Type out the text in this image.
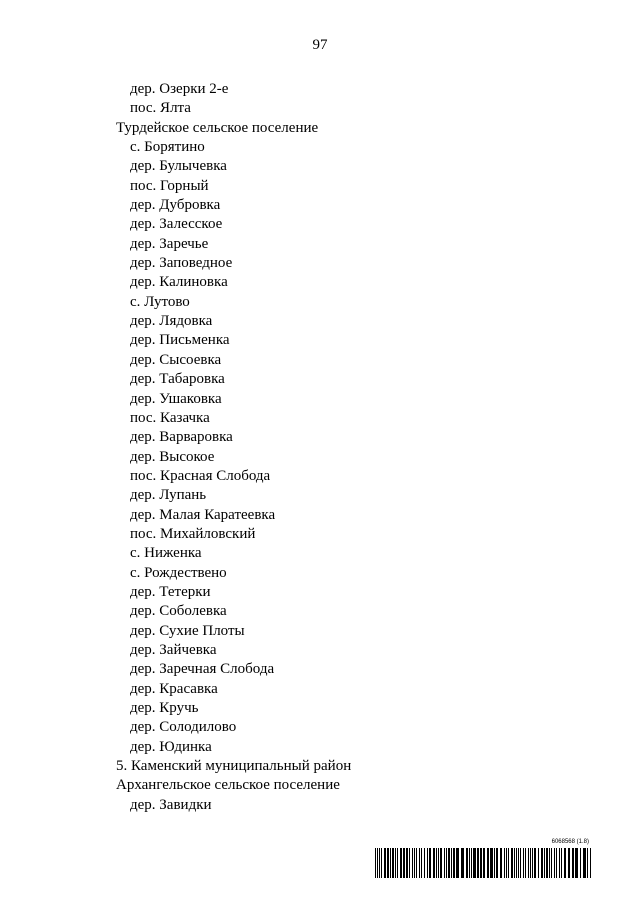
97
дер. Озерки 2-е
пос. Ялта
Турдейское сельское поселение
с. Борятино
дер. Булычевка
пос. Горный
дер. Дубровка
дер. Залесское
дер. Заречье
дер. Заповедное
дер. Калиновка
с. Лутово
дер. Лядовка
дер. Письменка
дер. Сысоевка
дер. Табаровка
дер. Ушаковка
пос. Казачка
дер. Варваровка
дер. Высокое
пос. Красная Слобода
дер. Лупань
дер. Малая Каратеевка
пос. Михайловский
с. Ниженка
с. Рождествено
дер. Тетерки
дер. Соболевка
дер. Сухие Плоты
дер. Зайчевка
дер. Заречная Слобода
дер. Красавка
дер. Кручь
дер. Солодилово
дер. Юдинка
5. Каменский муниципальный район
Архангельское сельское поселение
дер. Завидки
6068568 (1.8)
